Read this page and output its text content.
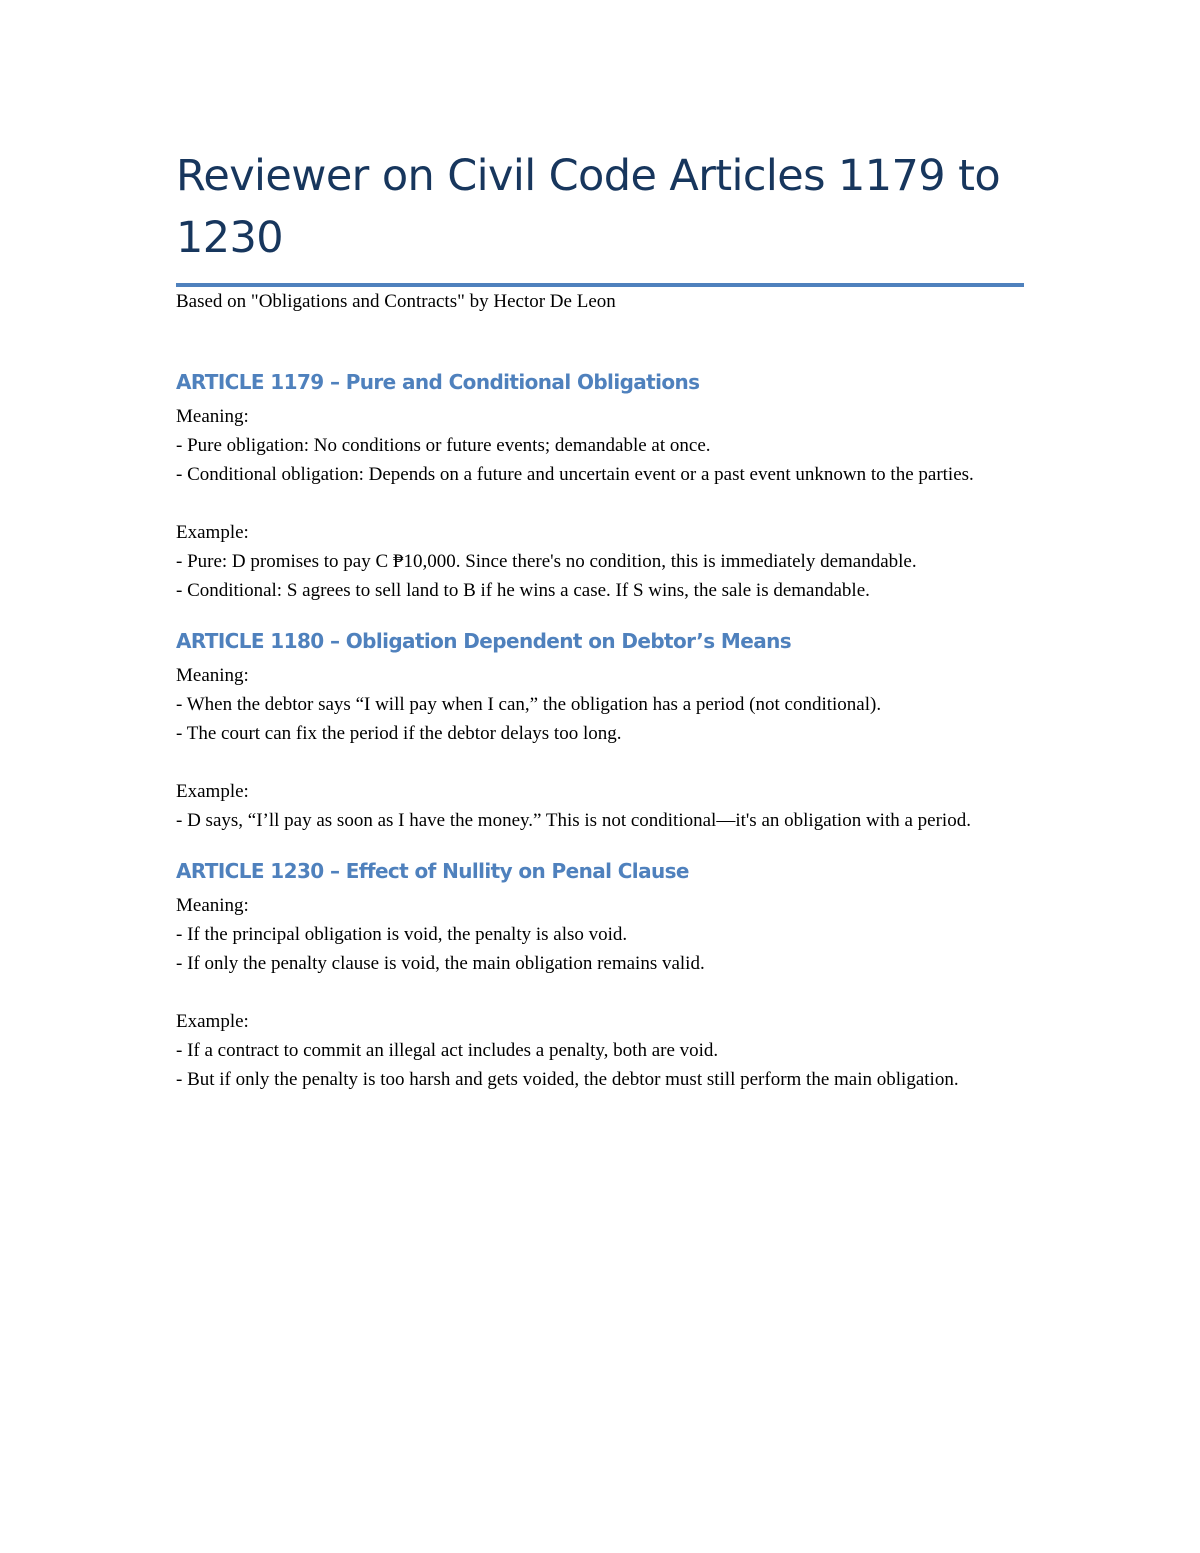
Reviewer on Civil Code Articles 1179 to 1230

Based on "Obligations and Contracts" by Hector De Leon

ARTICLE 1179 – Pure and Conditional Obligations

Meaning:

- Pure obligation: No conditions or future events; demandable at once.

- Conditional obligation: Depends on a future and uncertain event or a past event unknown to the parties.

Example:

- Pure: D promises to pay C ₱10,000. Since there's no condition, this is immediately demandable.

- Conditional: S agrees to sell land to B if he wins a case. If S wins, the sale is demandable.

ARTICLE 1180 – Obligation Dependent on Debtor’s Means

Meaning:

- When the debtor says “I will pay when I can,” the obligation has a period (not conditional).

- The court can fix the period if the debtor delays too long.

Example:

- D says, “I’ll pay as soon as I have the money.” This is not conditional—it's an obligation with a period.

ARTICLE 1230 – Effect of Nullity on Penal Clause

Meaning:

- If the principal obligation is void, the penalty is also void.

- If only the penalty clause is void, the main obligation remains valid.

Example:

- If a contract to commit an illegal act includes a penalty, both are void.

- But if only the penalty is too harsh and gets voided, the debtor must still perform the main obligation.
